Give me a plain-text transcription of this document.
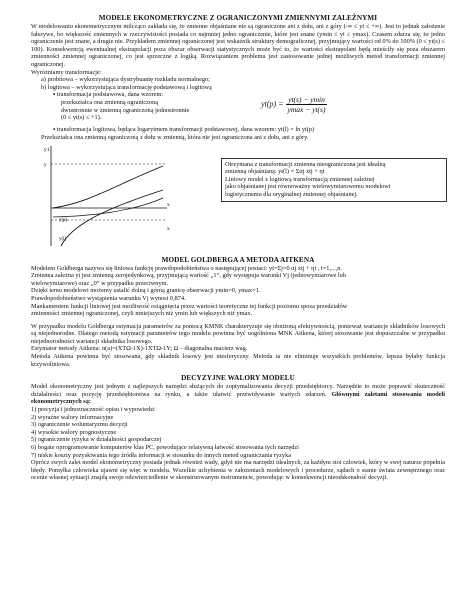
MODELE EKONOMETRYCZNE Z OGRANICZONYMI ZMIENNYMI ZALEŻNYMI

W modelowaniu ekonometrycznym milcząco zakłada się, że zmienne objaśniane nie są ograniczone ani z dołu, ani z góry (-∞ ≤ yt ≤ +∞). Jest to jednak założenie fałszywe, bo większość zmiennych w rzeczywistości posiada co najmniej jedno ograniczenie, które jest znane (ymin ≤ yt ≤ ymax). Czasem zdarza się, że jedno ograniczenie jest znane, a drugie nie. Przykładem zmiennej ograniczonej jest wskaźnik struktury demograficznej, przyjmujący wartości od 0% do 100% (0 ≤ yt(s) ≤ 100). Konsekwencją ewentualnej ekstrapolacji poza obszar obserwacji statystycznych może być to, że wartości ekstrapolant będą mieściły się poza obszarem zmienności zmiennej ograniczonej, co jest sprzeczne z logiką. Rozwiązaniem problemu jest zastosowanie jednej możliwych metod transformacji zmiennej ograniczonej.

Wyróżniamy transformacje:

a) probitowa – wykorzystująca dystrybuantę rozkładu normalnego;

b) logitowa – wykorzystująca transformację podstawową i logitową

▪ transformacja podstawowa, dana wzorem:

przekształca ona zmienną ograniczoną

dwustronnie w zmienną ograniczoną jednostronnie

(0 ≤ yt(s) ≤ +1).

$yt(p) = \frac{yt(s) - ymin}{ymax - yt(s)}$

▪ transformacja logitowa, będąca logarytmem transformacji podstawowej, dana wzorem: yt(l) = ln yt(p)

Przekształca ona zmienną ograniczoną z dołu w zmienną, która nie jest ograniczona ani z dołu, ani z góry.

y1
y
x
x
y(p)
y(l)

Otrzymana z transformacji zmienna nieograniczona jest idealną

zmienną objaśnianą: yt(l) = Σαj xtj + ηt

Liniowy model z logitową transformacją zmiennej zależnej

jako objaśnianej jest równoważny wielowymiarowemu modelowi

logistycznemu dla oryginalnej zmiennej objaśnianej.

MODEL GOLDBERGA A METODA AITKENA

Modelem Goldberga nazywa się liniowa funkcję prawdopodobieństwa o następującej postaci: yt=Σj=0 αj xtj + ηt , t=1,...,n.

Zmienna zależna yt jest zmienną zerojedynkową, przyjmującą wartość „1”, gdy występuja warunki Vj (jednowymiarowe lub

wielowymiarowe) oraz „0” w przypadku przeciwnym.

Dzięki temu modelowi możemy ustalić dolną i górną granicę obserwacji ymin=0, ymax=1.

Prawdopodobieństwo wystąpienia warunku Vj wynosi 0,874.

Mankamentem funkcji liniowej jest możliwość osiągnięcia przez wartości teoretyczne tej funkcji poziomu spoza przedziałów

zmienności zmiennej ograniczonej, czyli mniejszych niż ymin lub większych niż ymax.

W przypadku modelu Goldberga estymacja parametrów za pomocą KMNK charakteryzuje się obniżoną efektywnością, ponieważ wariancje składników losowych są niejednorodne. Dlatego metodą estymacji parametrów tego modelu powinna być uogólniona MNK Aitkena, której stosowanie jest dopuszczalne w przypadku niejednorodności wariancji składnika losowego.

Estymator metody Aitkena: α(a)=(XTΩ-1X)-1XTΩ-1Y; Ω – diagonalna macierz wag.

Metoda Aitkena powinna być stosowana, gdy składnik losowy jest niesferyczny. Metoda ta nie eliminuje wszystkich problemów, lepsza byłaby funkcja krzywoliniowa.

DECYZYJNE WALORY MODELU

Model ekonometryczny jest jednym z najlepszych narzędzi służących do zoptymalizowania decyzji przedsiębiorcy. Narzędzie to może poprawić skuteczność działalności oraz pozycję przedsiębiorstwa na rynku, a także ułatwić przewidywanie wartych zdarzeń. Głównymi zaletami stosowania modeli ekonometrycznych są:

1) precyzja i jednoznaczność opisu i wypowiedzi

2) wyraźne walory informacyjne

3) ograniczenie woluntaryzmu decyzji

4) wysokie walory prognostyczne

5) ograniczenie ryzyka w działalności gospodarczej

6) bogate oprogramowanie komputerów klas PC, powodujące relatywną łatwość stosowania tych narzędzi

7) niskie koszty pozyskiwania tego źródła informacji w stosunku do innych metod ograniczania ryzyka

Oprócz swych zalet model ekonometryczny posiada jednak również wady, gdyż nie ma narzędzi idealnych, za każdym stoi człowiek, który w swej naturze popełnia błędy. Pomyłka człowieka ujawni się więc w modelu. Wszelkie uchybienia w założeniach modelowych i procedurze, sądach o stanie świata zewnętrznego oraz ocenie własnej sytuacji znajdą swoje odzwierciedlenie w skonstruowanym instrumencie, powodując w konsekwencji nieodskonałość decyzji.
